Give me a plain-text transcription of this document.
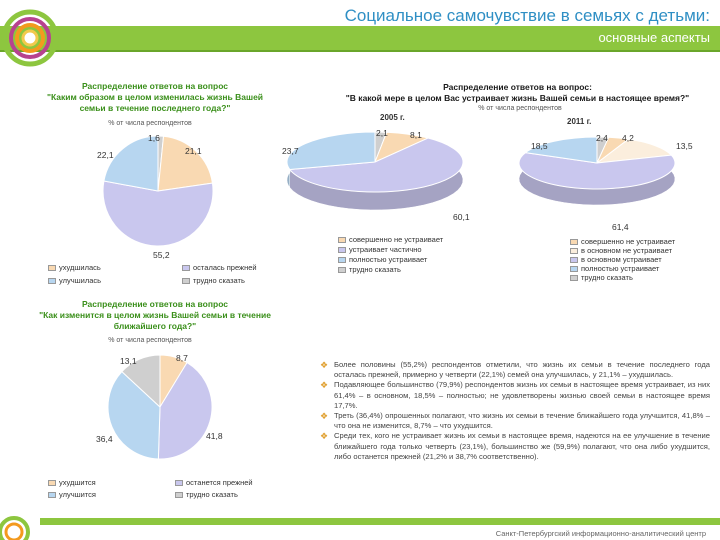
Социальное самочувствие в семьях с детьми:
основные аспекты
Распределение ответов на вопрос
"Каким образом в целом изменилась жизнь Вашей
семьи в течение последнего года?"
% от числа респондентов
1,6
21,1
22,1
55,2
ухудшилась
улучшилась
осталась прежней
трудно сказать
Распределение ответов на вопрос:
"В какой мере в целом Вас устраивает жизнь Вашей семьи в настоящее время?"
% от числа респондентов
2005 г.	2011 г.
2,1	8,1
23,7
60,1
2,4 4,2
18,5	13,5
61,4
совершенно не устраивает
устраивает частично
полностью устраивает
трудно сказать
совершенно не устраивает
в основном не устраивает
в основном устраивает
полностью устраивает
трудно сказать
Распределение ответов на вопрос
"Как изменится в целом жизнь Вашей семьи в течение
ближайшего года?"
% от числа респондентов
13,1	8,7
36,4	41,8
ухудшится
улучшится
останется прежней
трудно сказать
❖ Более половины (55,2%) респондентов отметили, что жизнь их семьи в течение последнего года осталась прежней, примерно у четверти (22,1%) семей она улучшилась, у 21,1% – ухудшилась.
❖ Подавляющее большинство (79,9%) респондентов жизнь их семьи в настоящее время устраивает, из них 61,4% – в основном, 18,5% – полностью; не удовлетворены жизнью своей семьи в настоящее время 17,7%.
❖ Треть (36,4%) опрошенных полагают, что жизнь их семьи в течение ближайшего года улучшится, 41,8% – что она не изменится, 8,7% – что ухудшится.
❖ Среди тех, кого не устраивает жизнь их семьи в настоящее время, надеются на ее улучшение в течение ближайшего года только четверть (23,1%), большинство же (59,9%) полагают, что она либо ухудшится, либо останется прежней (21,2% и 38,7% соответственно).
Санкт-Петербургский информационно-аналитический центр
